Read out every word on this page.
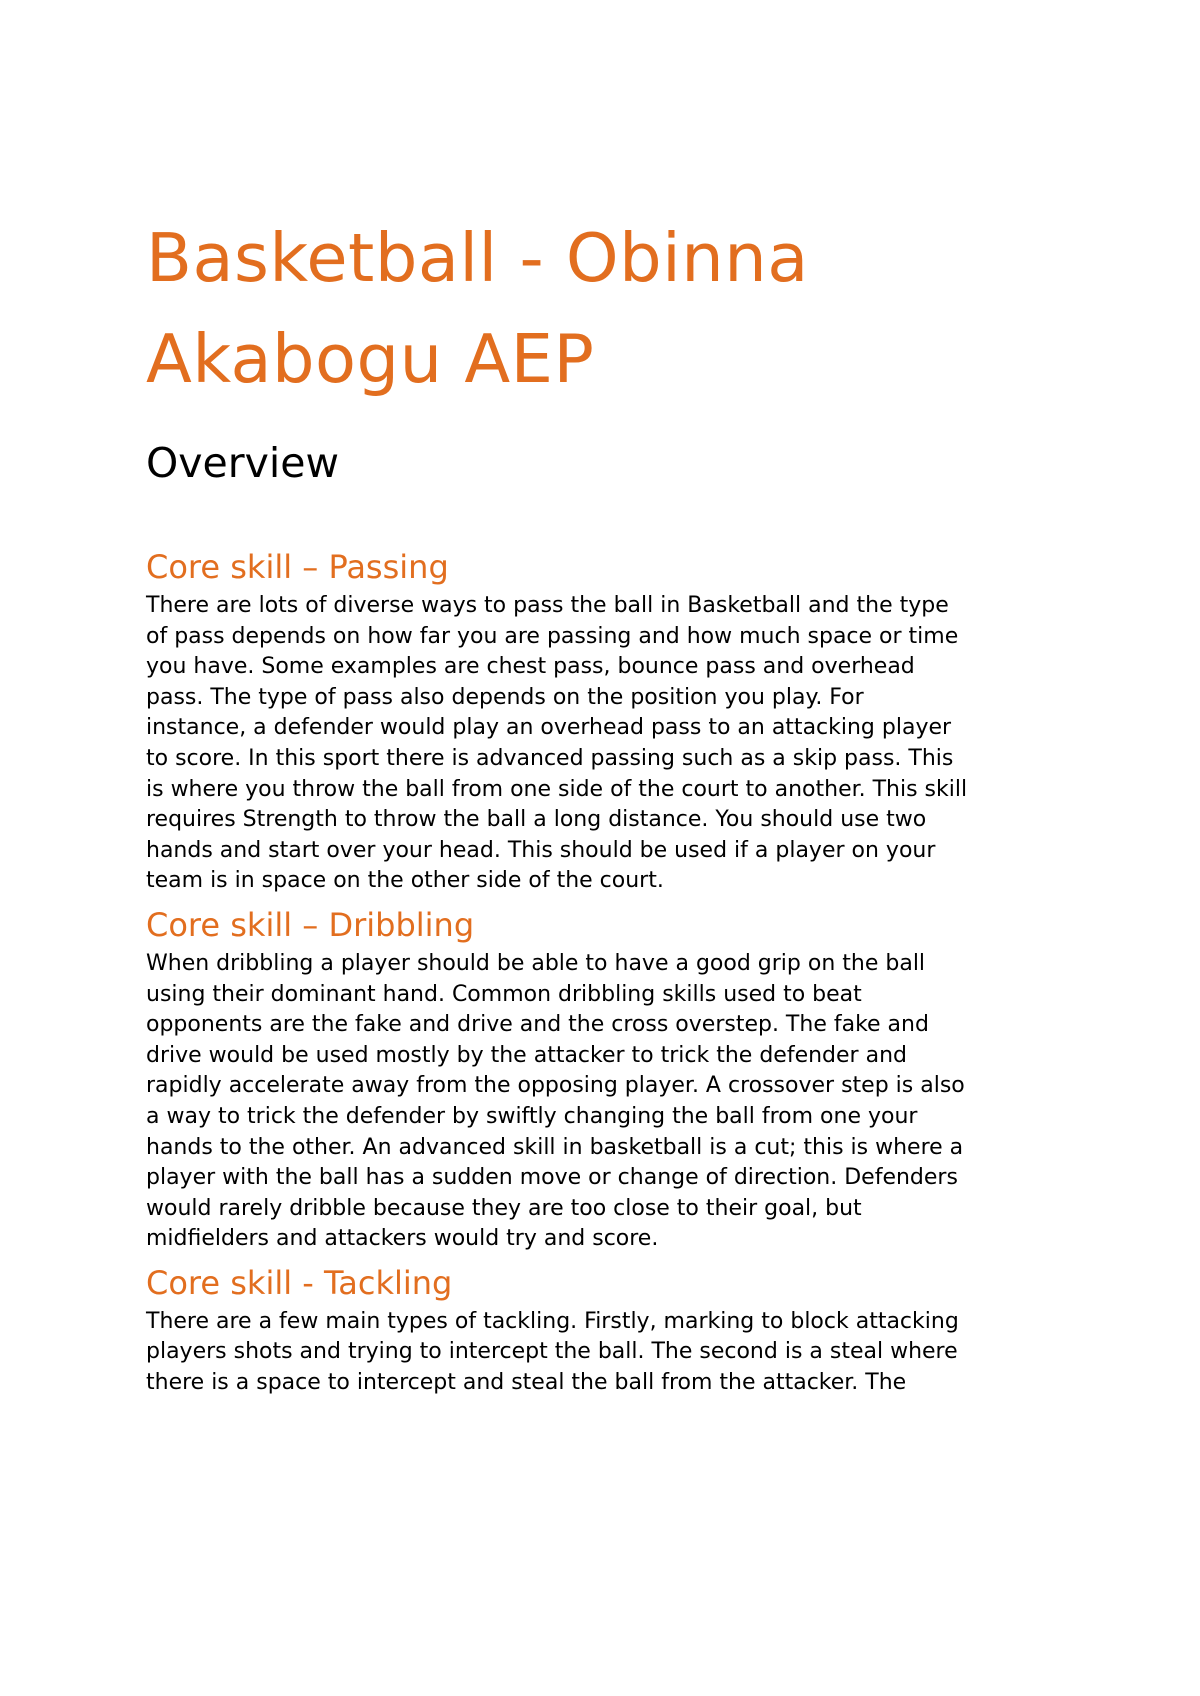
Basketball - Obinna Akabogu AEP
Overview
Core skill – Passing

There are lots of diverse ways to pass the ball in Basketball and the type
of pass depends on how far you are passing and how much space or time
you have. Some examples are chest pass, bounce pass and overhead
pass. The type of pass also depends on the position you play. For
instance, a defender would play an overhead pass to an attacking player
to score. In this sport there is advanced passing such as a skip pass. This
is where you throw the ball from one side of the court to another. This skill
requires Strength to throw the ball a long distance. You should use two
hands and start over your head. This should be used if a player on your
team is in space on the other side of the court.

Core skill – Dribbling

When dribbling a player should be able to have a good grip on the ball
using their dominant hand. Common dribbling skills used to beat
opponents are the fake and drive and the cross overstep. The fake and
drive would be used mostly by the attacker to trick the defender and
rapidly accelerate away from the opposing player. A crossover step is also
a way to trick the defender by swiftly changing the ball from one your
hands to the other. An advanced skill in basketball is a cut; this is where a
player with the ball has a sudden move or change of direction. Defenders
would rarely dribble because they are too close to their goal, but
midfielders and attackers would try and score.

Core skill - Tackling

There are a few main types of tackling. Firstly, marking to block attacking
players shots and trying to intercept the ball. The second is a steal where
there is a space to intercept and steal the ball from the attacker. The
